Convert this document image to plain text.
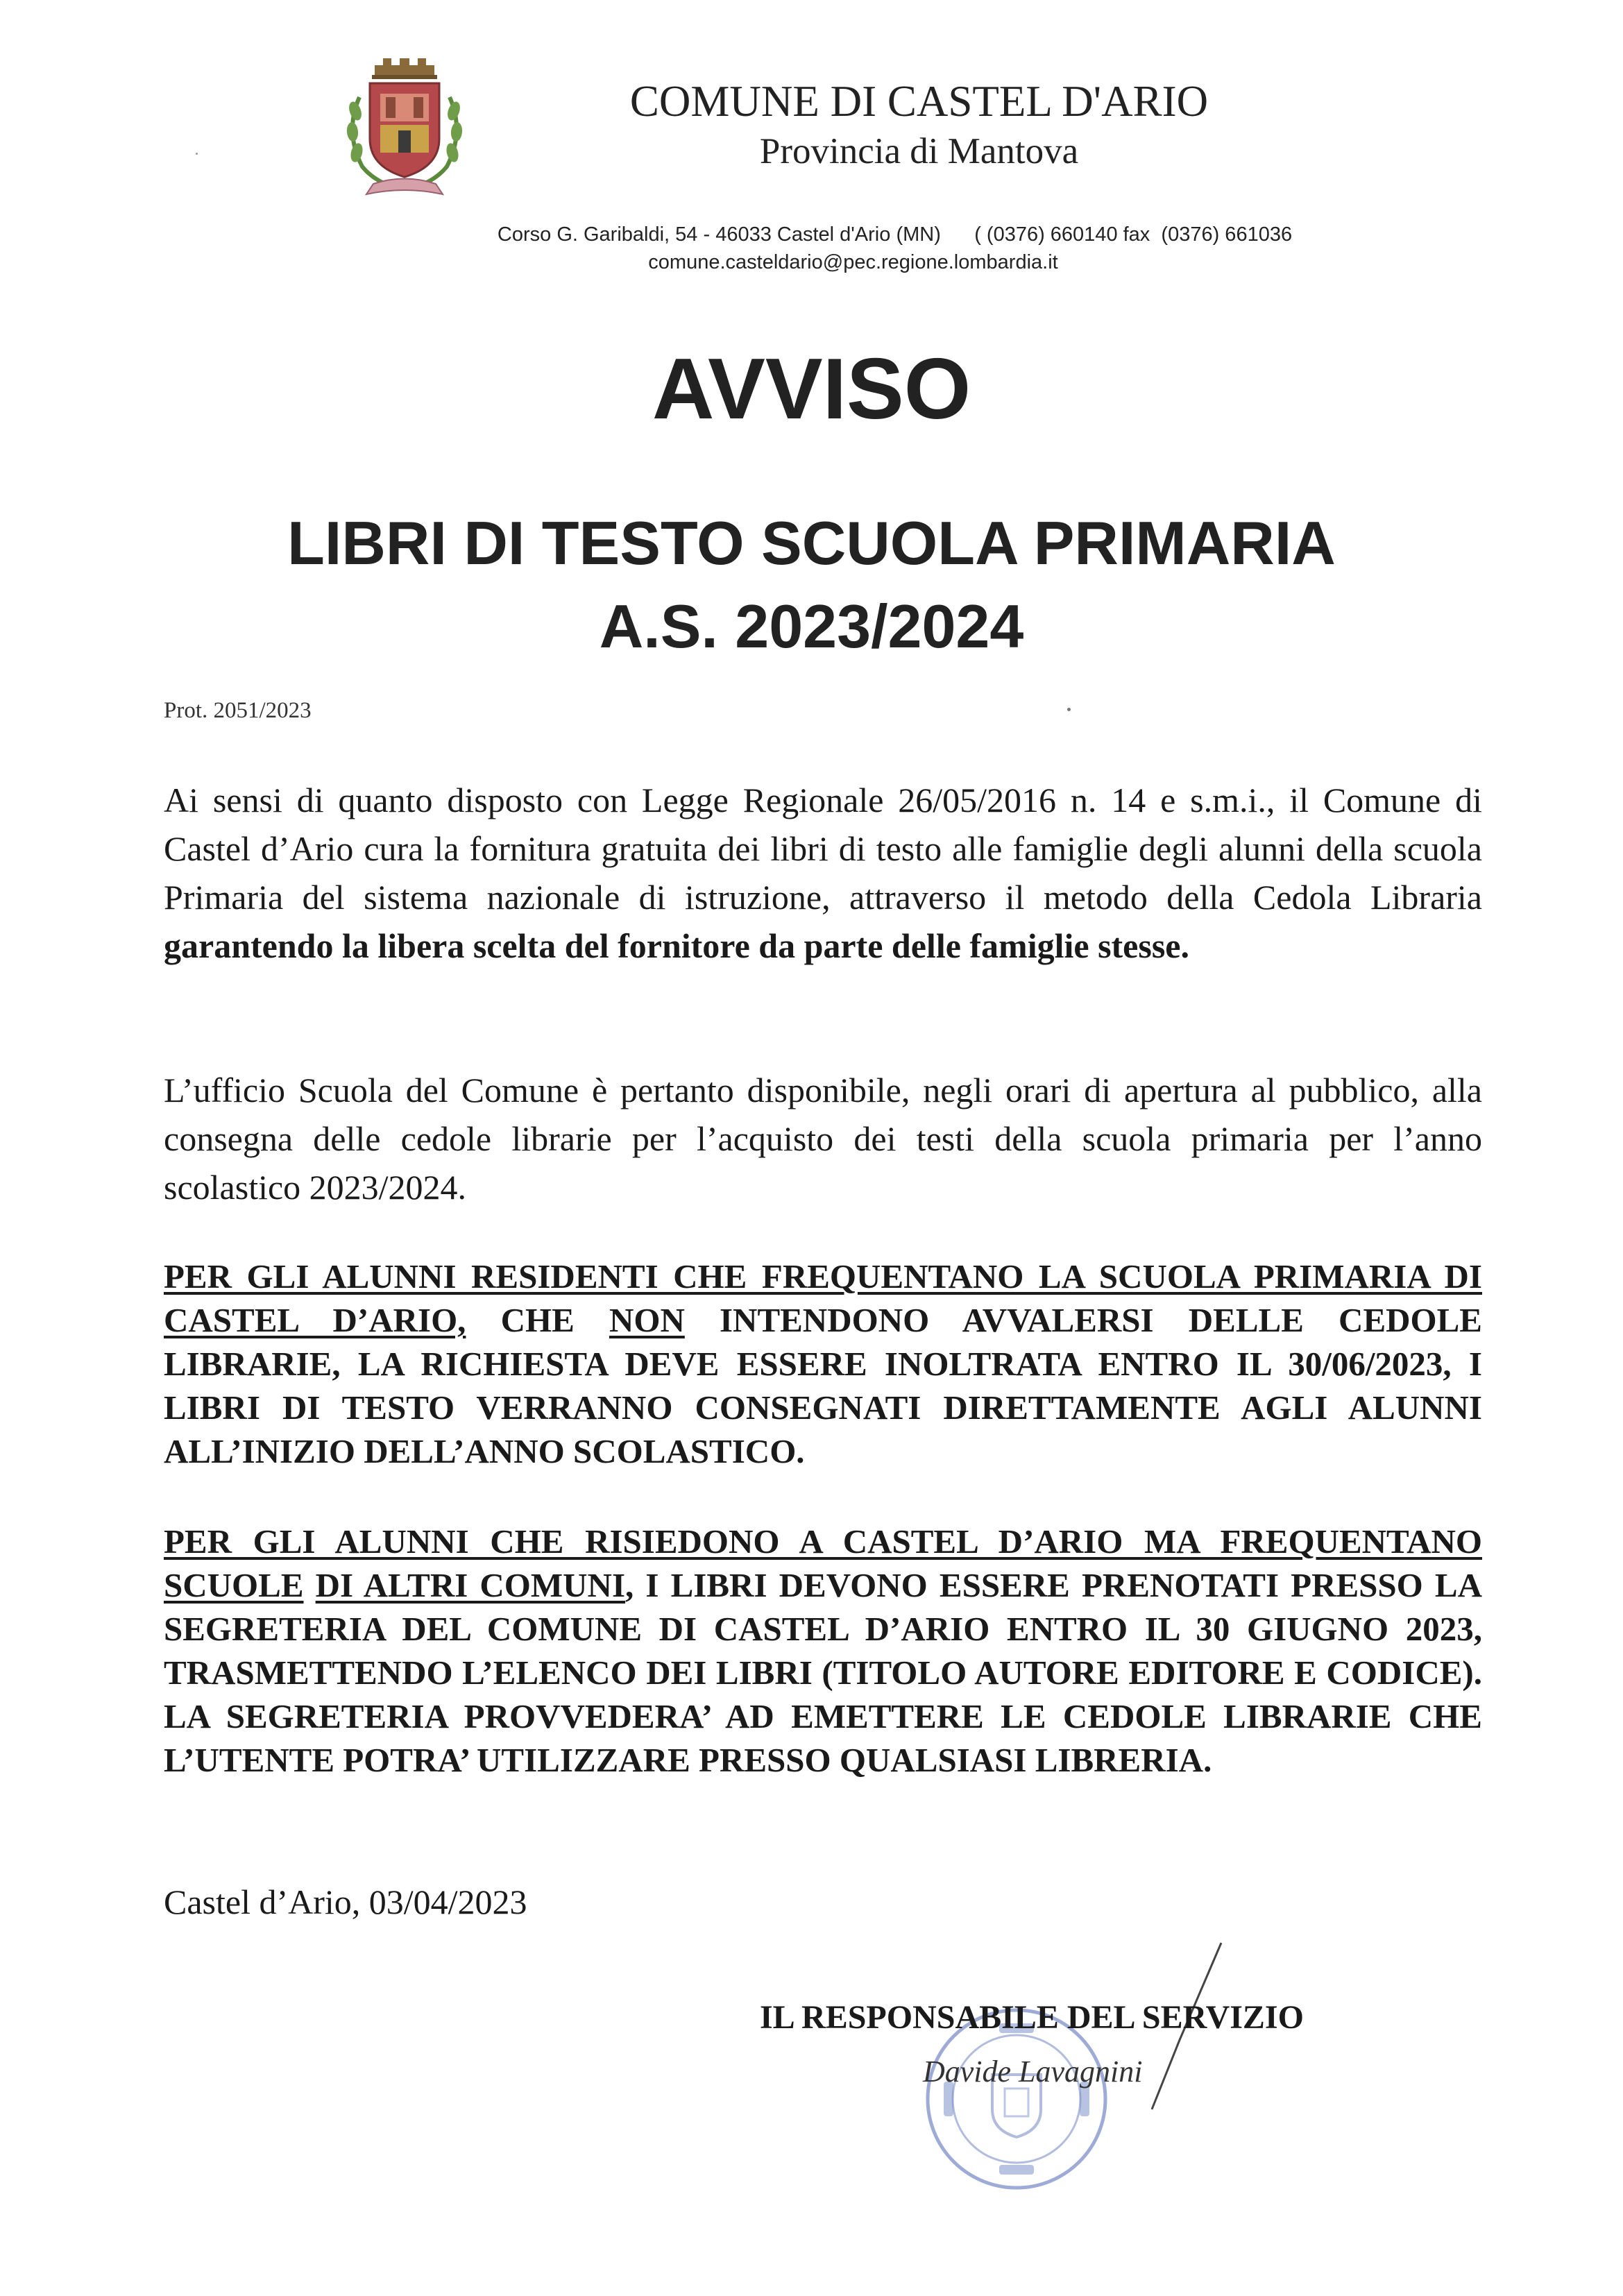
COMUNE DI CASTEL D'ARIO
Provincia di Mantova
Corso G. Garibaldi, 54 - 46033 Castel d'Ario (MN)      ( (0376) 660140 fax  (0376) 661036
comune.casteldario@pec.regione.lombardia.it
AVVISO
LIBRI DI TESTO SCUOLA PRIMARIA
A.S. 2023/2024
Prot. 2051/2023
Ai sensi di quanto disposto con Legge Regionale 26/05/2016 n. 14 e s.m.i., il Comune di Castel d’Ario cura la fornitura gratuita dei libri di testo alle famiglie degli alunni della scuola Primaria del sistema nazionale di istruzione, attraverso il metodo della Cedola Libraria garantendo la libera scelta del fornitore da parte delle famiglie stesse.
L’ufficio Scuola del Comune è pertanto disponibile, negli orari di apertura al pubblico, alla consegna delle cedole librarie per l’acquisto dei testi della scuola primaria per l’anno scolastico 2023/2024.
PER GLI ALUNNI RESIDENTI CHE FREQUENTANO LA SCUOLA PRIMARIA DI CASTEL D’ARIO, CHE NON INTENDONO AVVALERSI DELLE CEDOLE LIBRARIE, LA RICHIESTA DEVE ESSERE INOLTRATA ENTRO IL 30/06/2023, I LIBRI DI TESTO VERRANNO CONSEGNATI DIRETTAMENTE AGLI ALUNNI ALL’INIZIO DELL’ANNO SCOLASTICO.
PER GLI ALUNNI CHE RISIEDONO A CASTEL D’ARIO MA FREQUENTANO SCUOLE DI ALTRI COMUNI, I LIBRI DEVONO ESSERE PRENOTATI PRESSO LA SEGRETERIA DEL COMUNE DI CASTEL D’ARIO ENTRO IL 30 GIUGNO 2023, TRASMETTENDO L’ELENCO DEI LIBRI (TITOLO AUTORE EDITORE E CODICE). LA SEGRETERIA PROVVEDERA’ AD EMETTERE LE CEDOLE LIBRARIE CHE L’UTENTE POTRA’ UTILIZZARE PRESSO QUALSIASI LIBRERIA.
Castel d’Ario, 03/04/2023
IL RESPONSABILE DEL SERVIZIO
Davide Lavagnini
